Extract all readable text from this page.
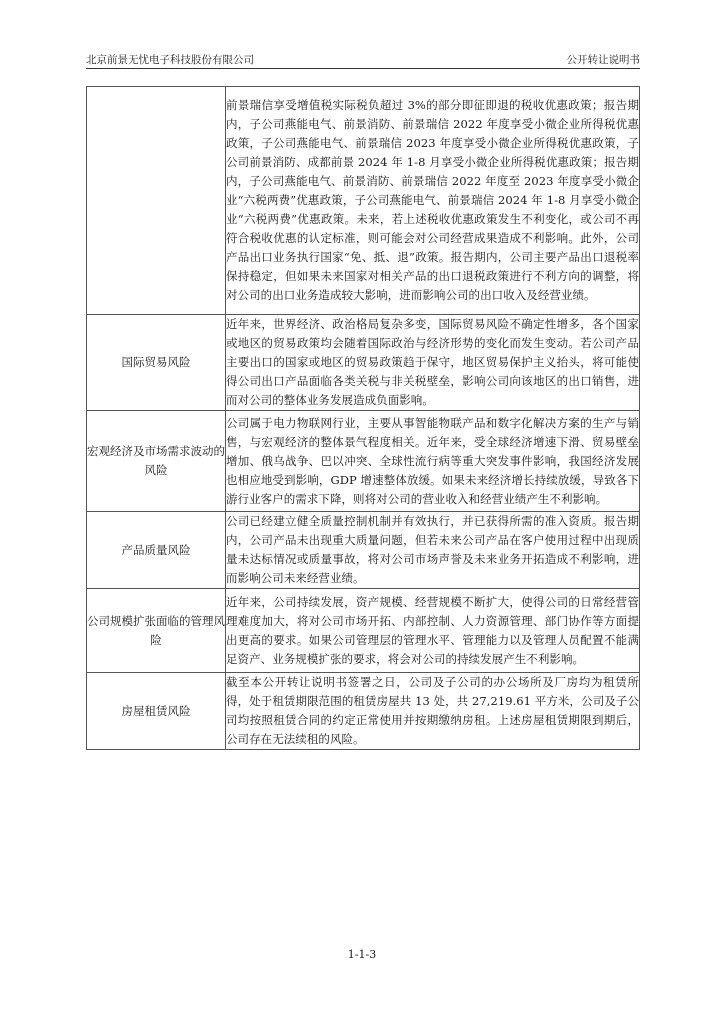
北京前景无忧电子科技股份有限公司	公开转让说明书
	前景瑞信享受增值税实际税负超过 3%的部分即征即退的税收优惠政策；报告期内，子公司燕能电气、前景消防、前景瑞信 2022 年度享受小微企业所得税优惠政策，子公司燕能电气、前景瑞信 2023 年度享受小微企业所得税优惠政策，子公司前景消防、成都前景 2024 年 1-8 月享受小微企业所得税优惠政策；报告期内，子公司燕能电气、前景消防、前景瑞信 2022 年度至 2023 年度享受小微企业“六税两费”优惠政策，子公司燕能电气、前景瑞信 2024 年 1-8 月享受小微企业“六税两费”优惠政策。未来，若上述税收优惠政策发生不利变化，或公司不再符合税收优惠的认定标准，则可能会对公司经营成果造成不利影响。此外，公司产品出口业务执行国家“免、抵、退”政策。报告期内，公司主要产品出口退税率保持稳定，但如果未来国家对相关产品的出口退税政策进行不利方向的调整，将对公司的出口业务造成较大影响，进而影响公司的出口收入及经营业绩。
国际贸易风险	近年来，世界经济、政治格局复杂多变，国际贸易风险不确定性增多，各个国家或地区的贸易政策均会随着国际政治与经济形势的变化而发生变动。若公司产品主要出口的国家或地区的贸易政策趋于保守，地区贸易保护主义抬头，将可能使得公司出口产品面临各类关税与非关税壁垒，影响公司向该地区的出口销售，进而对公司的整体业务发展造成负面影响。
宏观经济及市场需求波动的风险	公司属于电力物联网行业，主要从事智能物联产品和数字化解决方案的生产与销售，与宏观经济的整体景气程度相关。近年来，受全球经济增速下滑、贸易壁垒增加、俄乌战争、巴以冲突、全球性流行病等重大突发事件影响，我国经济发展也相应地受到影响，GDP 增速整体放缓。如果未来经济增长持续放缓，导致各下游行业客户的需求下降，则将对公司的营业收入和经营业绩产生不利影响。
产品质量风险	公司已经建立健全质量控制机制并有效执行，并已获得所需的准入资质。报告期内，公司产品未出现重大质量问题，但若未来公司产品在客户使用过程中出现质量未达标情况或质量事故，将对公司市场声誉及未来业务开拓造成不利影响，进而影响公司未来经营业绩。
公司规模扩张面临的管理风险	近年来，公司持续发展，资产规模、经营规模不断扩大，使得公司的日常经营管理难度加大，将对公司市场开拓、内部控制、人力资源管理、部门协作等方面提出更高的要求。如果公司管理层的管理水平、管理能力以及管理人员配置不能满足资产、业务规模扩张的要求，将会对公司的持续发展产生不利影响。
房屋租赁风险	截至本公开转让说明书签署之日，公司及子公司的办公场所及厂房均为租赁所得，处于租赁期限范围的租赁房屋共 13 处，共 27,219.61 平方米，公司及子公司均按照租赁合同的约定正常使用并按期缴纳房租。上述房屋租赁期限到期后，公司存在无法续租的风险。
1-1-3
